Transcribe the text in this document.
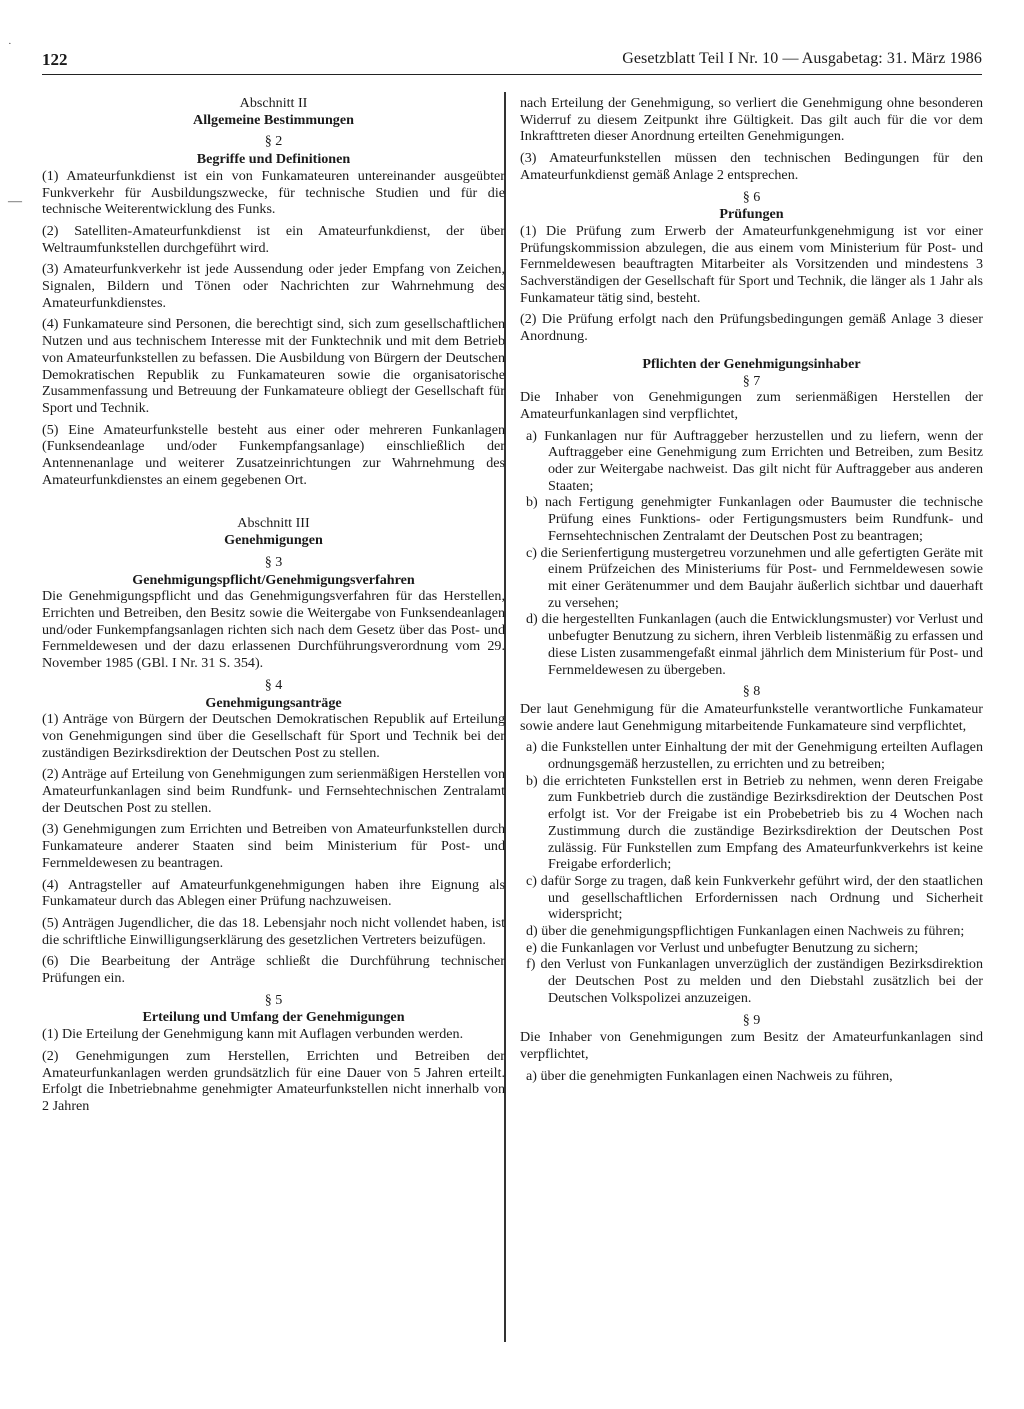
122	Gesetzblatt Teil I Nr. 10 — Ausgabetag: 31. März 1986
Abschnitt II
Allgemeine Bestimmungen
§ 2
Begriffe und Definitionen

(1) Amateurfunkdienst ist ein von Funkamateuren untereinander ausgeübter Funkverkehr für Ausbildungszwecke, für technische Studien und für die technische Weiterentwicklung des Funks.

(2) Satelliten-Amateurfunkdienst ist ein Amateurfunkdienst, der über Weltraumfunkstellen durchgeführt wird.

(3) Amateurfunkverkehr ist jede Aussendung oder jeder Empfang von Zeichen, Signalen, Bildern und Tönen oder Nachrichten zur Wahrnehmung des Amateurfunkdienstes.

(4) Funkamateure sind Personen, die berechtigt sind, sich zum gesellschaftlichen Nutzen und aus technischem Interesse mit der Funktechnik und mit dem Betrieb von Amateurfunkstellen zu befassen. Die Ausbildung von Bürgern der Deutschen Demokratischen Republik zu Funkamateuren sowie die organisatorische Zusammenfassung und Betreuung der Funkamateure obliegt der Gesellschaft für Sport und Technik.

(5) Eine Amateurfunkstelle besteht aus einer oder mehreren Funkanlagen (Funksendeanlage und/oder Funkempfangsanlage) einschließlich der Antennenanlage und weiterer Zusatzeinrichtungen zur Wahrnehmung des Amateurfunkdienstes an einem gegebenen Ort.

Abschnitt III
Genehmigungen
§ 3
Genehmigungspflicht/Genehmigungsverfahren

Die Genehmigungspflicht und das Genehmigungsverfahren für das Herstellen, Errichten und Betreiben, den Besitz sowie die Weitergabe von Funksendeanlagen und/oder Funkempfangsanlagen richten sich nach dem Gesetz über das Post- und Fernmeldewesen und der dazu erlassenen Durchführungsverordnung vom 29. November 1985 (GBl. I Nr. 31 S. 354).

§ 4
Genehmigungsanträge

(1) Anträge von Bürgern der Deutschen Demokratischen Republik auf Erteilung von Genehmigungen sind über die Gesellschaft für Sport und Technik bei der zuständigen Bezirksdirektion der Deutschen Post zu stellen.

(2) Anträge auf Erteilung von Genehmigungen zum serienmäßigen Herstellen von Amateurfunkanlagen sind beim Rundfunk- und Fernsehtechnischen Zentralamt der Deutschen Post zu stellen.

(3) Genehmigungen zum Errichten und Betreiben von Amateurfunkstellen durch Funkamateure anderer Staaten sind beim Ministerium für Post- und Fernmeldewesen zu beantragen.

(4) Antragsteller auf Amateurfunkgenehmigungen haben ihre Eignung als Funkamateur durch das Ablegen einer Prüfung nachzuweisen.

(5) Anträgen Jugendlicher, die das 18. Lebensjahr noch nicht vollendet haben, ist die schriftliche Einwilligungserklärung des gesetzlichen Vertreters beizufügen.

(6) Die Bearbeitung der Anträge schließt die Durchführung technischer Prüfungen ein.

§ 5
Erteilung und Umfang der Genehmigungen

(1) Die Erteilung der Genehmigung kann mit Auflagen verbunden werden.

(2) Genehmigungen zum Herstellen, Errichten und Betreiben der Amateurfunkanlagen werden grundsätzlich für eine Dauer von 5 Jahren erteilt. Erfolgt die Inbetriebnahme genehmigter Amateurfunkstellen nicht innerhalb von 2 Jahren

nach Erteilung der Genehmigung, so verliert die Genehmigung ohne besonderen Widerruf zu diesem Zeitpunkt ihre Gültigkeit. Das gilt auch für die vor dem Inkrafttreten dieser Anordnung erteilten Genehmigungen.

(3) Amateurfunkstellen müssen den technischen Bedingungen für den Amateurfunkdienst gemäß Anlage 2 entsprechen.

§ 6
Prüfungen

(1) Die Prüfung zum Erwerb der Amateurfunkgenehmigung ist vor einer Prüfungskommission abzulegen, die aus einem vom Ministerium für Post- und Fernmeldewesen beauftragten Mitarbeiter als Vorsitzenden und mindestens 3 Sachverständigen der Gesellschaft für Sport und Technik, die länger als 1 Jahr als Funkamateur tätig sind, besteht.

(2) Die Prüfung erfolgt nach den Prüfungsbedingungen gemäß Anlage 3 dieser Anordnung.

Pflichten der Genehmigungsinhaber
§ 7

Die Inhaber von Genehmigungen zum serienmäßigen Herstellen der Amateurfunkanlagen sind verpflichtet,

a) Funkanlagen nur für Auftraggeber herzustellen und zu liefern, wenn der Auftraggeber eine Genehmigung zum Errichten und Betreiben, zum Besitz oder zur Weitergabe nachweist. Das gilt nicht für Auftraggeber aus anderen Staaten;

b) nach Fertigung genehmigter Funkanlagen oder Baumuster die technische Prüfung eines Funktions- oder Fertigungsmusters beim Rundfunk- und Fernsehtechnischen Zentralamt der Deutschen Post zu beantragen;

c) die Serienfertigung mustergetreu vorzunehmen und alle gefertigten Geräte mit einem Prüfzeichen des Ministeriums für Post- und Fernmeldewesen sowie mit einer Gerätenummer und dem Baujahr äußerlich sichtbar und dauerhaft zu versehen;

d) die hergestellten Funkanlagen (auch die Entwicklungsmuster) vor Verlust und unbefugter Benutzung zu sichern, ihren Verbleib listenmäßig zu erfassen und diese Listen zusammengefaßt einmal jährlich dem Ministerium für Post- und Fernmeldewesen zu übergeben.

§ 8

Der laut Genehmigung für die Amateurfunkstelle verantwortliche Funkamateur sowie andere laut Genehmigung mitarbeitende Funkamateure sind verpflichtet,

a) die Funkstellen unter Einhaltung der mit der Genehmigung erteilten Auflagen ordnungsgemäß herzustellen, zu errichten und zu betreiben;

b) die errichteten Funkstellen erst in Betrieb zu nehmen, wenn deren Freigabe zum Funkbetrieb durch die zuständige Bezirksdirektion der Deutschen Post erfolgt ist. Vor der Freigabe ist ein Probebetrieb bis zu 4 Wochen nach Zustimmung durch die zuständige Bezirksdirektion der Deutschen Post zulässig. Für Funkstellen zum Empfang des Amateurfunkverkehrs ist keine Freigabe erforderlich;

c) dafür Sorge zu tragen, daß kein Funkverkehr geführt wird, der den staatlichen und gesellschaftlichen Erfordernissen nach Ordnung und Sicherheit widerspricht;

d) über die genehmigungspflichtigen Funkanlagen einen Nachweis zu führen;

e) die Funkanlagen vor Verlust und unbefugter Benutzung zu sichern;

f) den Verlust von Funkanlagen unverzüglich der zuständigen Bezirksdirektion der Deutschen Post zu melden und den Diebstahl zusätzlich bei der Deutschen Volkspolizei anzuzeigen.

§ 9

Die Inhaber von Genehmigungen zum Besitz der Amateurfunkanlagen sind verpflichtet,

a) über die genehmigten Funkanlagen einen Nachweis zu führen,

—
·
